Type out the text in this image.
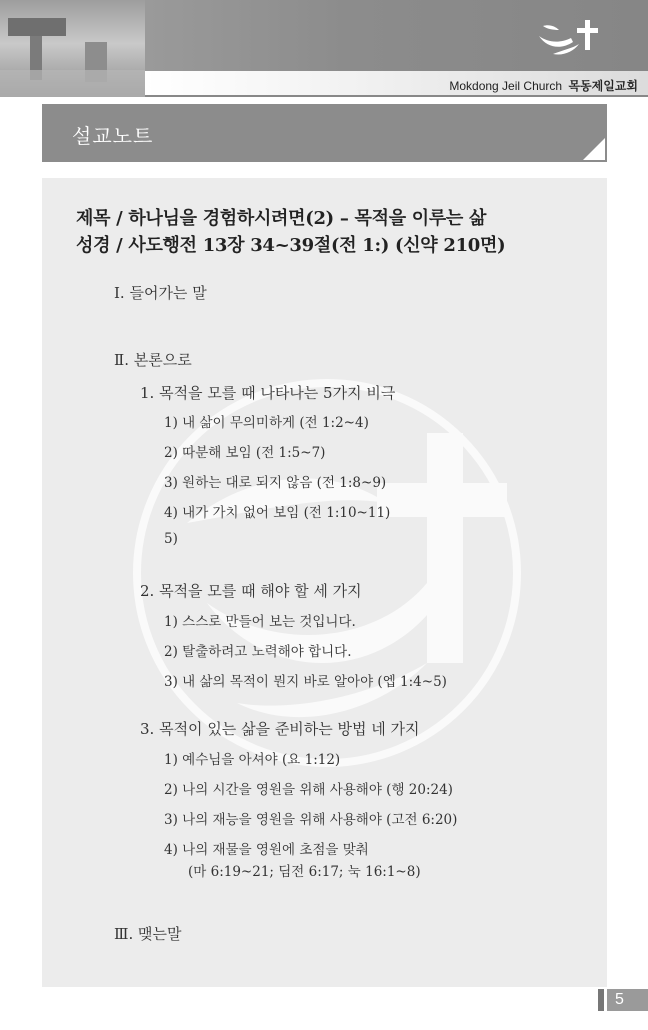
Mokdong Jeil Church 목동제일교회
설교노트
제목 / 하나님을 경험하시려면(2) – 목적을 이루는 삶
성경 / 사도행전 13장 34~39절(전 1:) (신약 210면)
Ⅰ. 들어가는 말
Ⅱ. 본론으로
1. 목적을 모를 때 나타나는 5가지 비극
1) 내 삶이 무의미하게 (전 1:2~4)
2) 따분해 보임 (전 1:5~7)
3) 원하는 대로 되지 않음 (전 1:8~9)
4) 내가 가치 없어 보임 (전 1:10~11)
5)
2. 목적을 모를 때 해야 할 세 가지
1) 스스로 만들어 보는 것입니다.
2) 탈출하려고 노력해야 합니다.
3) 내 삶의 목적이 뭔지 바로 알아야 (엡 1:4~5)
3. 목적이 있는 삶을 준비하는 방법 네 가지
1) 예수님을 아셔야 (요 1:12)
2) 나의 시간을 영원을 위해 사용해야 (행 20:24)
3) 나의 재능을 영원을 위해 사용해야 (고전 6:20)
4) 나의 재물을 영원에 초점을 맞춰
(마 6:19~21; 딤전 6:17; 눅 16:1~8)
Ⅲ. 맺는말
5
